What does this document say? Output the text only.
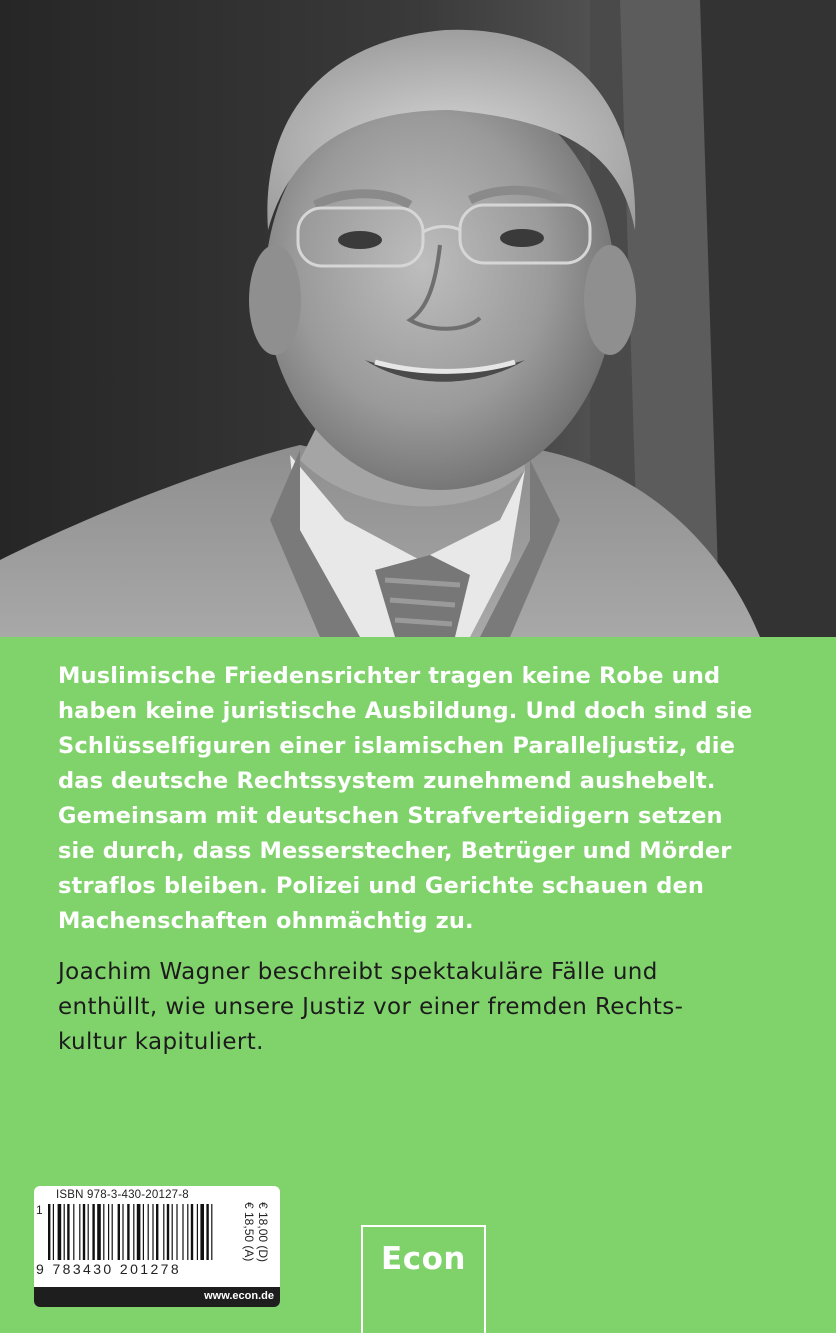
Muslimische Friedensrichter tragen keine Robe und
haben keine juristische Ausbildung. Und doch sind sie
Schlüsselfiguren einer islamischen Paralleljustiz, die
das deutsche Rechtssystem zunehmend aushebelt.
Gemeinsam mit deutschen Strafverteidigern setzen
sie durch, dass Messerstecher, Betrüger und Mörder
straflos bleiben. Polizei und Gerichte schauen den
Machenschaften ohnmächtig zu.
Joachim Wagner beschreibt spektakuläre Fälle und
enthüllt, wie unsere Justiz vor einer fremden Rechts-
kultur kapituliert.
ISBN 978-3-430-20127-8
1
9 783430 201278
€ 18,00 (D)
€ 18,50 (A)
www.econ.de
Econ
